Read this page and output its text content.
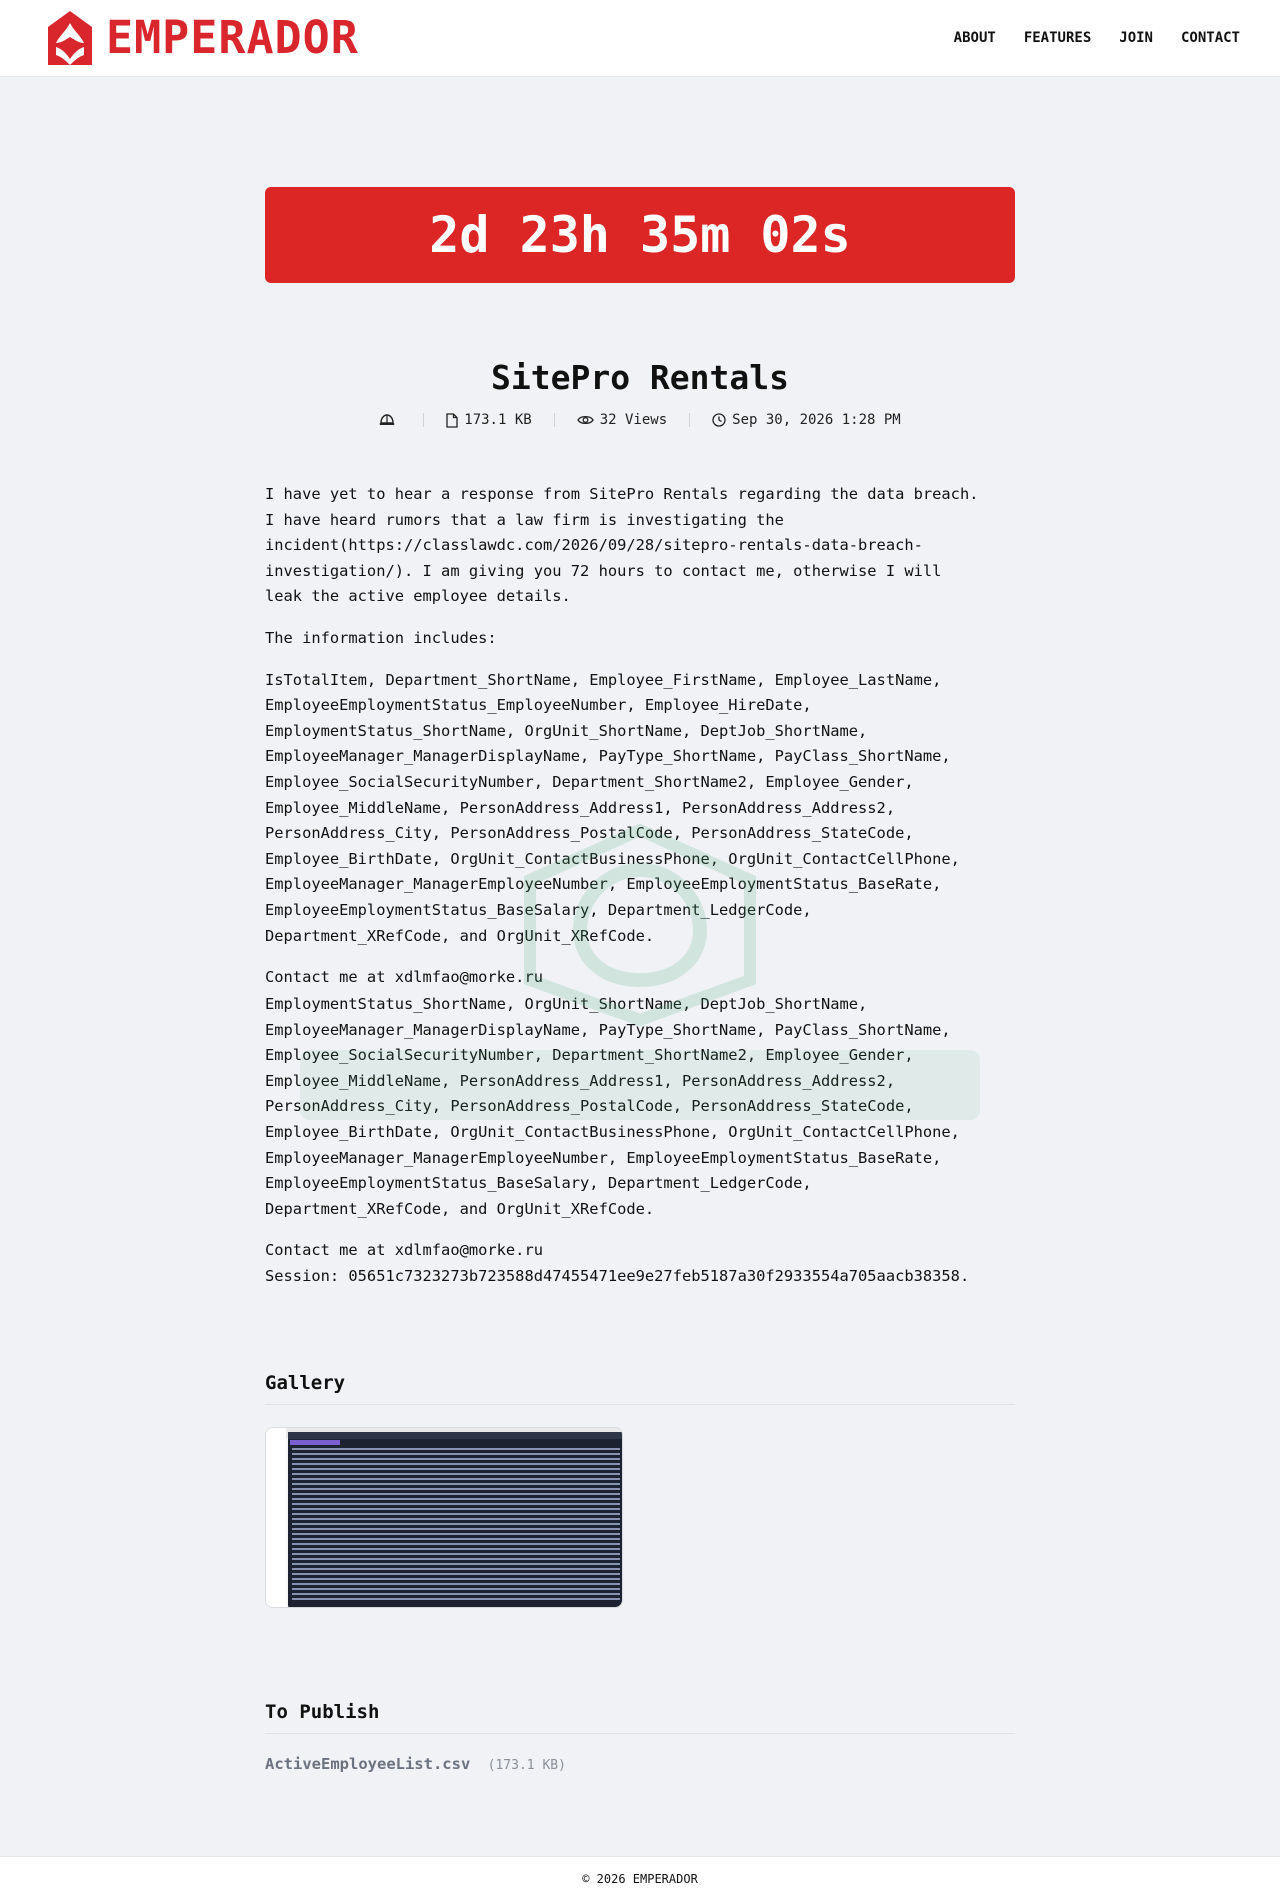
EMPERADOR	ABOUT FEATURES JOIN CONTACT
2d 23h 35m 02s
SitePro Rentals
173.1 KB	32 Views	Sep 30, 2026 1:28 PM

I have yet to hear a response from SitePro Rentals regarding the data breach.
I have heard rumors that a law firm is investigating the
incident(https://classlawdc.com/2026/09/28/sitepro-rentals-data-breach-
investigation/). I am giving you 72 hours to contact me, otherwise I will
leak the active employee details.

The information includes:

IsTotalItem, Department_ShortName, Employee_FirstName, Employee_LastName,
EmployeeEmploymentStatus_EmployeeNumber, Employee_HireDate,
EmploymentStatus_ShortName, OrgUnit_ShortName, DeptJob_ShortName,
EmployeeManager_ManagerDisplayName, PayType_ShortName, PayClass_ShortName,
Employee_SocialSecurityNumber, Department_ShortName2, Employee_Gender,
Employee_MiddleName, PersonAddress_Address1, PersonAddress_Address2,
PersonAddress_City, PersonAddress_PostalCode, PersonAddress_StateCode,
Employee_BirthDate, OrgUnit_ContactBusinessPhone, OrgUnit_ContactCellPhone,
EmployeeManager_ManagerEmployeeNumber, EmployeeEmploymentStatus_BaseRate,
EmployeeEmploymentStatus_BaseSalary, Department_LedgerCode,
Department_XRefCode, and OrgUnit_XRefCode.

Contact me at xdlmfao@morke.ru

EmploymentStatus_ShortName, OrgUnit_ShortName, DeptJob_ShortName,
EmployeeManager_ManagerDisplayName, PayType_ShortName, PayClass_ShortName,
Employee_SocialSecurityNumber, Department_ShortName2, Employee_Gender,
Employee_MiddleName, PersonAddress_Address1, PersonAddress_Address2,
PersonAddress_City, PersonAddress_PostalCode, PersonAddress_StateCode,
Employee_BirthDate, OrgUnit_ContactBusinessPhone, OrgUnit_ContactCellPhone,
EmployeeManager_ManagerEmployeeNumber, EmployeeEmploymentStatus_BaseRate,
EmployeeEmploymentStatus_BaseSalary, Department_LedgerCode,
Department_XRefCode, and OrgUnit_XRefCode.

Contact me at xdlmfao@morke.ru
Session: 05651c7323273b723588d47455471ee9e27feb5187a30f2933554a705aacb38358.

Gallery
To Publish
ActiveEmployeeList.csv (173.1 KB)
© 2026 EMPERADOR
